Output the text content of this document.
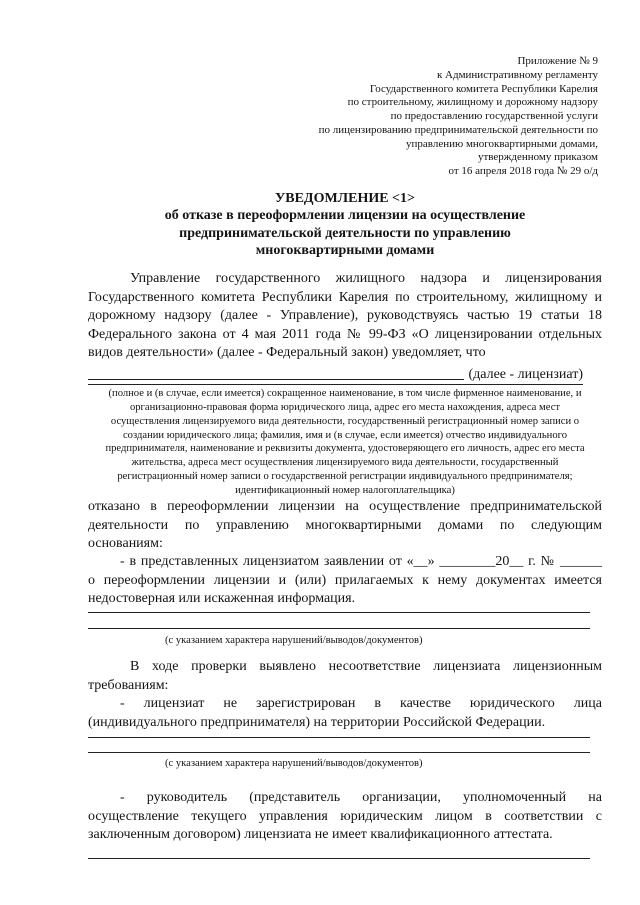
Приложение № 9
к Административному регламенту
Государственного комитета Республики Карелия
по строительному, жилищному и дорожному надзору
по предоставлению государственной услуги
по лицензированию предпринимательской деятельности по
управлению многоквартирными домами,
утвержденному приказом
от 16 апреля 2018 года № 29 о/д
УВЕДОМЛЕНИЕ <1>
об отказе в переоформлении лицензии на осуществление
предпринимательской деятельности по управлению
многоквартирными домами
Управление государственного жилищного надзора и лицензирования
Государственного комитета Республики Карелия по строительному, жилищному и
дорожному надзору (далее - Управление), руководствуясь частью 19 статьи 18
Федерального закона от 4 мая 2011 года № 99-ФЗ «О лицензировании отдельных
видов деятельности» (далее - Федеральный закон) уведомляет, что
(далее - лицензиат)
(полное и (в случае, если имеется) сокращенное наименование, в том числе фирменное наименование, и
организационно-правовая форма юридического лица, адрес его места нахождения, адреса мест
осуществления лицензируемого вида деятельности, государственный регистрационный номер записи о
создании юридического лица; фамилия, имя и (в случае, если имеется) отчество индивидуального
предпринимателя, наименование и реквизиты документа, удостоверяющего его личность, адрес его места
жительства, адреса мест осуществления лицензируемого вида деятельности, государственный
регистрационный номер записи о государственной регистрации индивидуального предпринимателя;
идентификационный номер налогоплательщика)
отказано в переоформлении лицензии на осуществление предпринимательской
деятельности по управлению многоквартирными домами по следующим
основаниям:
- в представленных лицензиатом заявлении от «__» ________20__ г. № ______
о переоформлении лицензии и (или) прилагаемых к нему документах имеется
недостоверная или искаженная информация.
(с указанием характера нарушений/выводов/документов)
В ходе проверки выявлено несоответствие лицензиата лицензионным
требованиям:
- лицензиат не зарегистрирован в качестве юридического лица
(индивидуального предпринимателя) на территории Российской Федерации.
(с указанием характера нарушений/выводов/документов)
- руководитель (представитель организации, уполномоченный на
осуществление текущего управления юридическим лицом в соответствии с
заключенным договором) лицензиата не имеет квалификационного аттестата.
